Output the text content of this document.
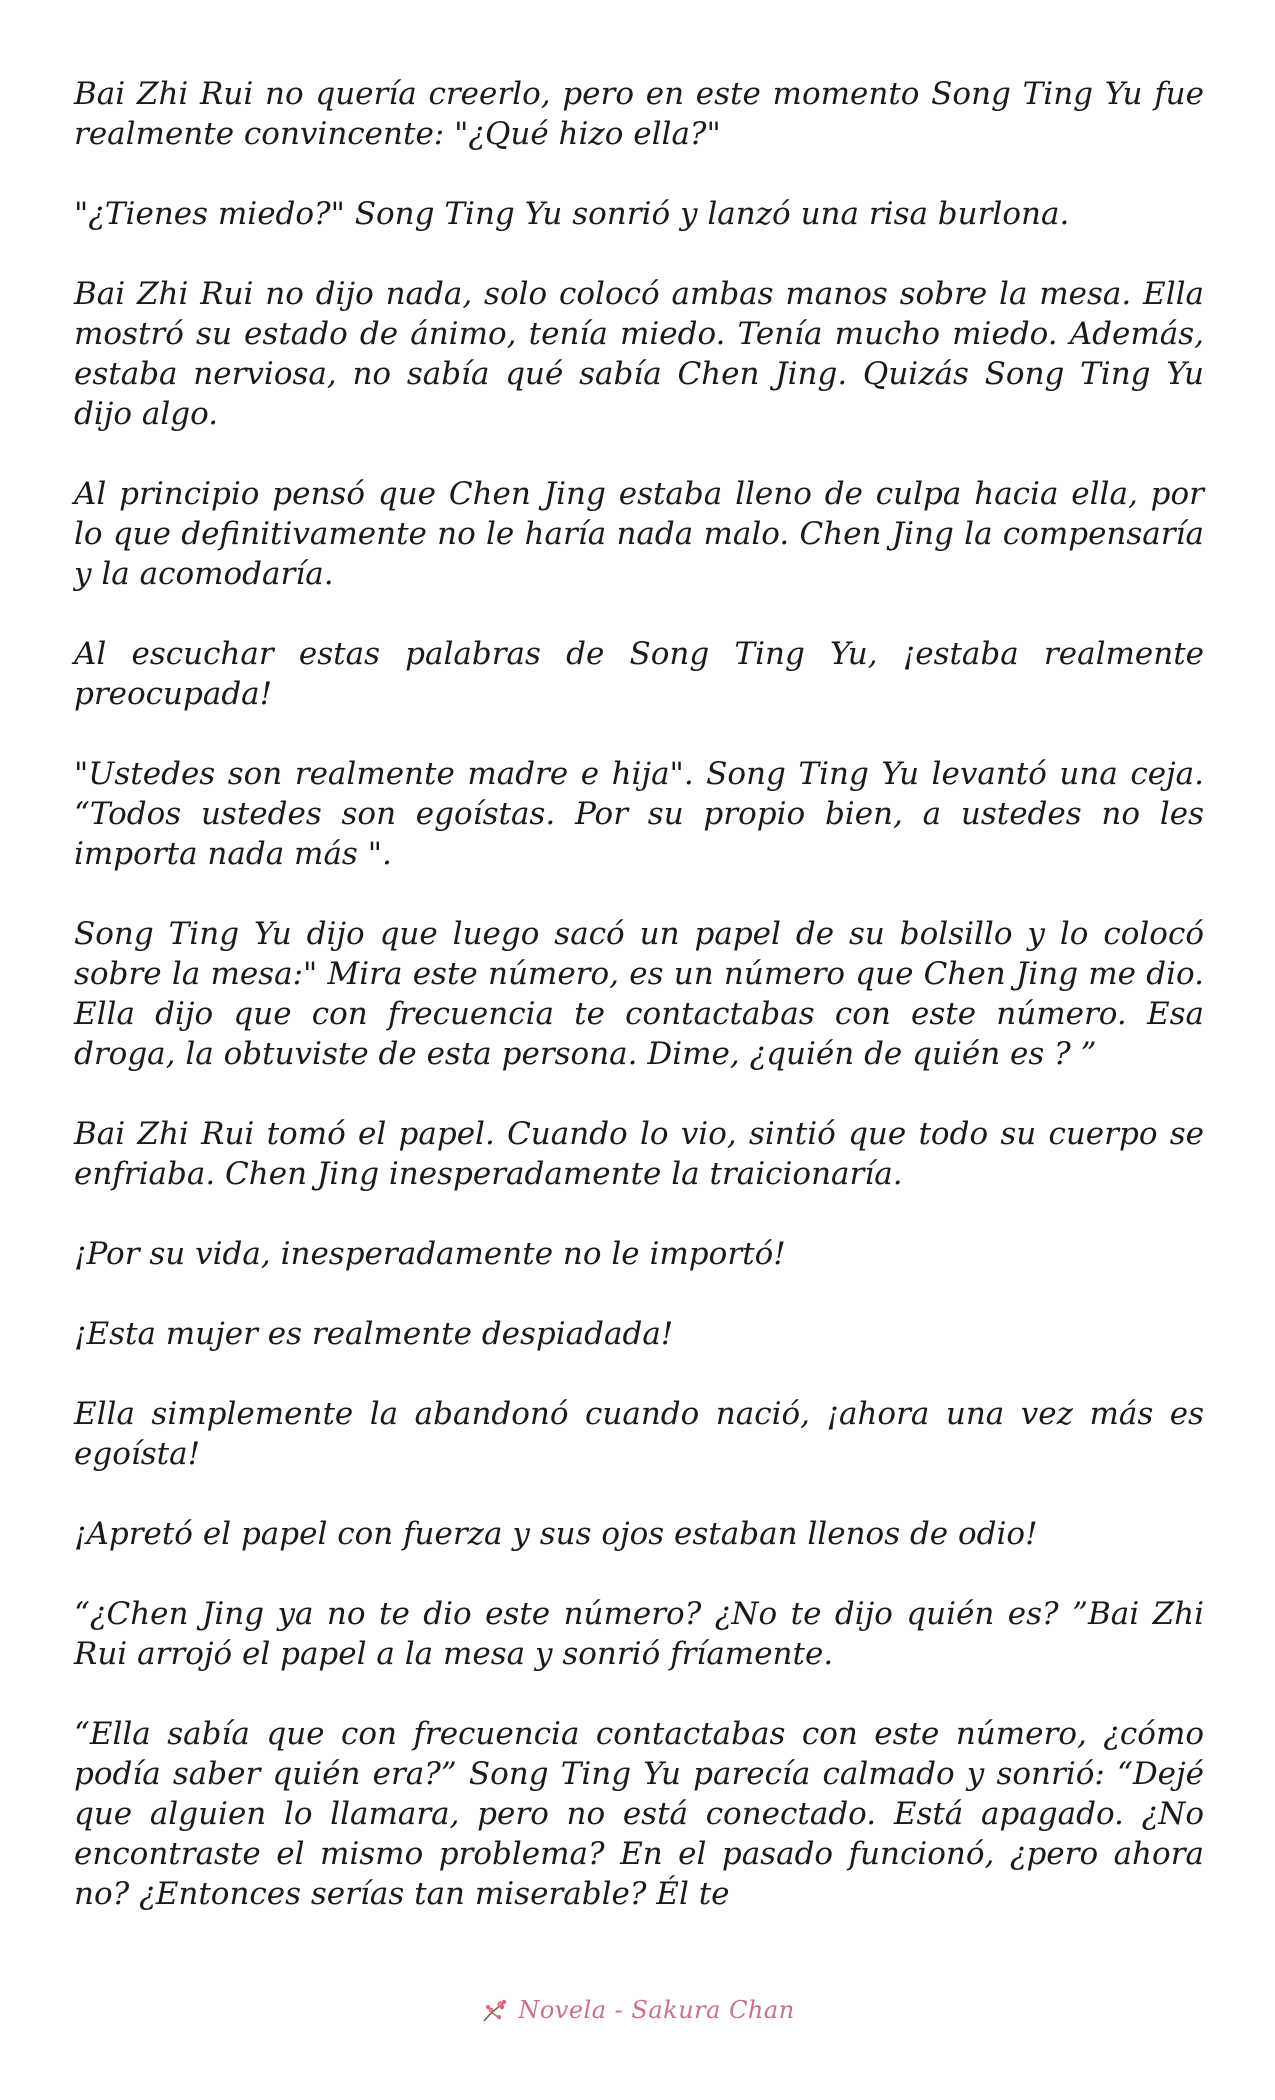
Bai Zhi Rui no quería creerlo, pero en este momento Song Ting Yu fue realmente convincente: "¿Qué hizo ella?"

"¿Tienes miedo?" Song Ting Yu sonrió y lanzó una risa burlona.

Bai Zhi Rui no dijo nada, solo colocó ambas manos sobre la mesa. Ella mostró su estado de ánimo, tenía miedo. Tenía mucho miedo. Además, estaba nerviosa, no sabía qué sabía Chen Jing. Quizás Song Ting Yu dijo algo.

Al principio pensó que Chen Jing estaba lleno de culpa hacia ella, por lo que definitivamente no le haría nada malo. Chen Jing la compensaría y la acomodaría.

Al escuchar estas palabras de Song Ting Yu, ¡estaba realmente preocupada!

"Ustedes son realmente madre e hija". Song Ting Yu levantó una ceja. “Todos ustedes son egoístas. Por su propio bien, a ustedes no les importa nada más ".

Song Ting Yu dijo que luego sacó un papel de su bolsillo y lo colocó sobre la mesa:" Mira este número, es un número que Chen Jing me dio. Ella dijo que con frecuencia te contactabas con este número. Esa droga, la obtuviste de esta persona. Dime, ¿quién de quién es ? ”

Bai Zhi Rui tomó el papel. Cuando lo vio, sintió que todo su cuerpo se enfriaba. Chen Jing inesperadamente la traicionaría.

¡Por su vida, inesperadamente no le importó!

¡Esta mujer es realmente despiadada!

Ella simplemente la abandonó cuando nació, ¡ahora una vez más es egoísta!

¡Apretó el papel con fuerza y sus ojos estaban llenos de odio!

“¿Chen Jing ya no te dio este número? ¿No te dijo quién es? ”Bai Zhi Rui arrojó el papel a la mesa y sonrió fríamente.

“Ella sabía que con frecuencia contactabas con este número, ¿cómo podía saber quién era?” Song Ting Yu parecía calmado y sonrió: “Dejé que alguien lo llamara, pero no está conectado. Está apagado. ¿No encontraste el mismo problema? En el pasado funcionó, ¿pero ahora no? ¿Entonces serías tan miserable? Él te

Novela - Sakura Chan
